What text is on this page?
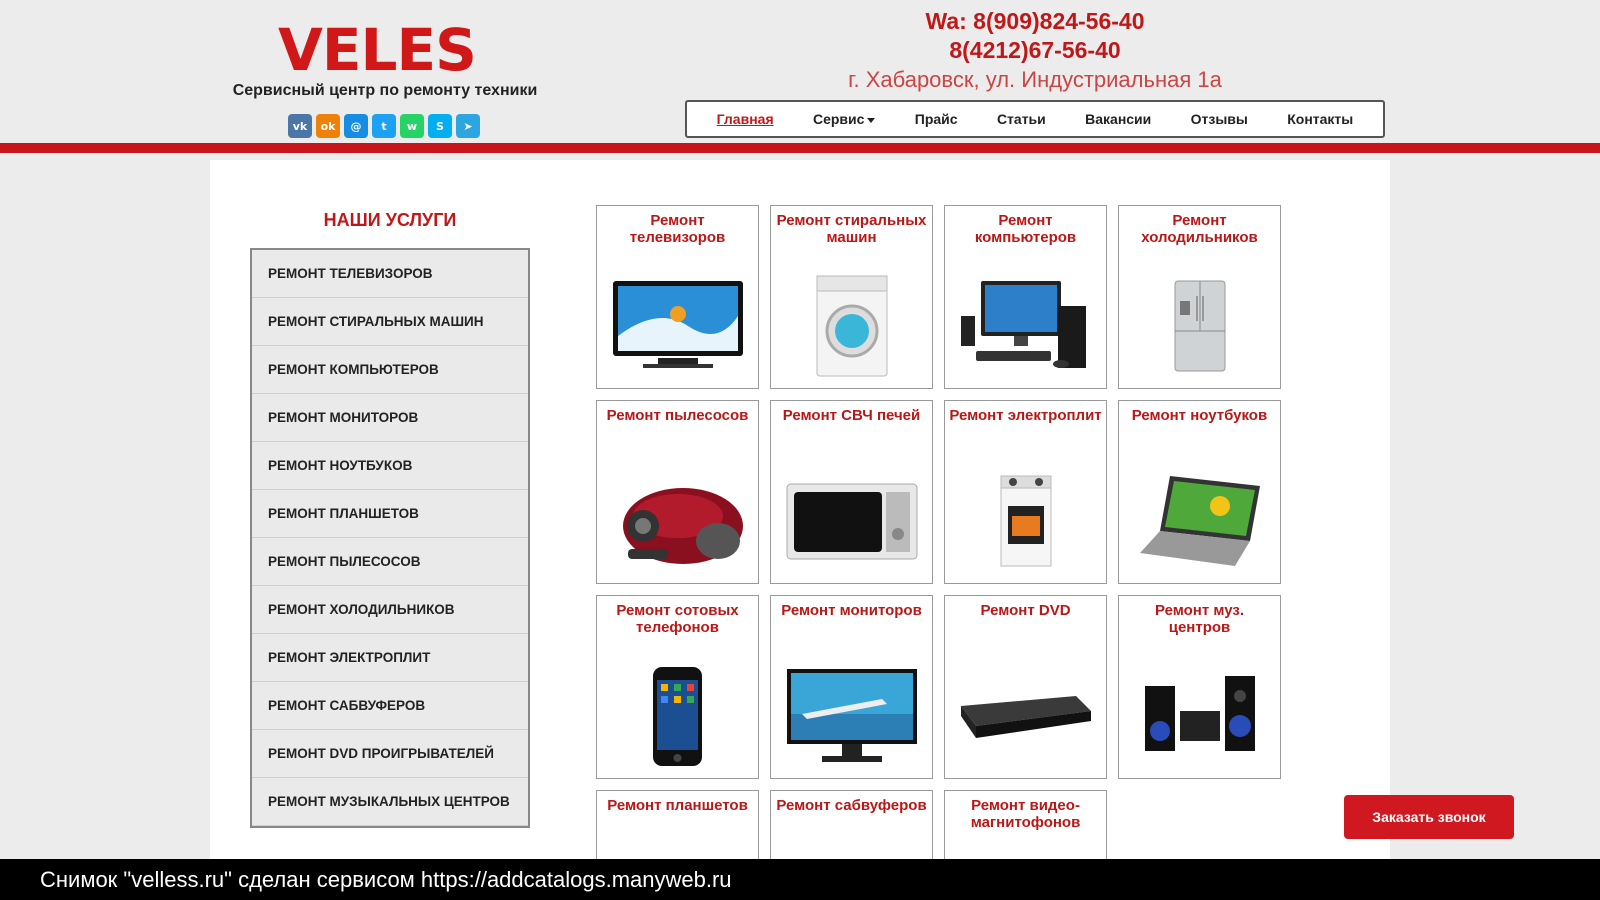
VELES
Сервисный центр по ремонту техники
vk	ok	@	t	w	S	➤
Wa: 8(909)824-56-40
8(4212)67-56-40
г. Хабаровск, ул. Индустриальная 1а
Главная	Сервис	Прайс	Статьи	Вакансии	Отзывы	Контакты
НАШИ УСЛУГИ
РЕМОНТ ТЕЛЕВИЗОРОВ
РЕМОНТ СТИРАЛЬНЫХ МАШИН
РЕМОНТ КОМПЬЮТЕРОВ
РЕМОНТ МОНИТОРОВ
РЕМОНТ НОУТБУКОВ
РЕМОНТ ПЛАНШЕТОВ
РЕМОНТ ПЫЛЕСОСОВ
РЕМОНТ ХОЛОДИЛЬНИКОВ
РЕМОНТ ЭЛЕКТРОПЛИТ
РЕМОНТ САБВУФЕРОВ
РЕМОНТ DVD ПРОИГРЫВАТЕЛЕЙ
РЕМОНТ МУЗЫКАЛЬНЫХ ЦЕНТРОВ
Ремонт телевизоров
Ремонт стиральных машин
Ремонт компьютеров
Ремонт холодильников
Ремонт пылесосов	Ремонт СВЧ печей	Ремонт электроплит	Ремонт ноутбуков
Ремонт сотовых телефонов
Ремонт мониторов	Ремонт DVD	Ремонт муз. центров
Ремонт планшетов	Ремонт сабвуферов	Ремонт видео-магнитофонов	Заказать звонок
Снимок "velless.ru" сделан сервисом https://addcatalogs.manyweb.ru
